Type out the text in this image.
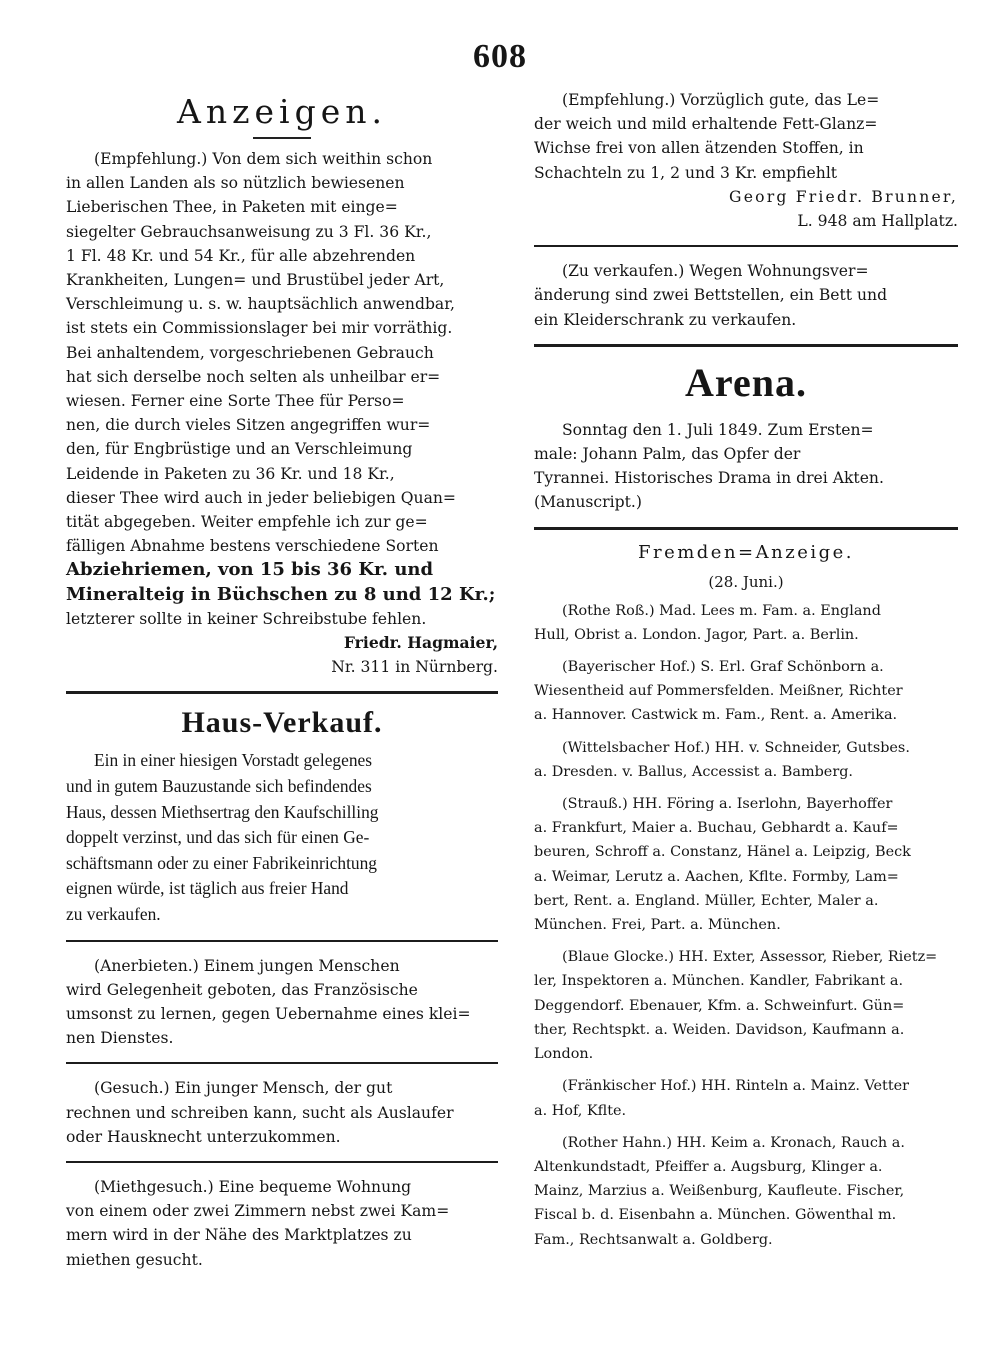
608
Anzeigen.

(Empfehlung.) Von dem sich weithin schon

in allen Landen als so nützlich bewiesenen

Lieberischen Thee, in Paketen mit einge=

siegelter Gebrauchsanweisung zu 3 Fl. 36 Kr.,

1 Fl. 48 Kr. und 54 Kr., für alle abzehrenden

Krankheiten, Lungen= und Brustübel jeder Art,

Verschleimung u. s. w. hauptsächlich anwendbar,

ist stets ein Commissionslager bei mir vorräthig.

Bei anhaltendem, vorgeschriebenen Gebrauch

hat sich derselbe noch selten als unheilbar er=

wiesen. Ferner eine Sorte Thee für Perso=

nen, die durch vieles Sitzen angegriffen wur=

den, für Engbrüstige und an Verschleimung

Leidende in Paketen zu 36 Kr. und 18 Kr.,

dieser Thee wird auch in jeder beliebigen Quan=

tität abgegeben. Weiter empfehle ich zur ge=

fälligen Abnahme bestens verschiedene Sorten

Abziehriemen, von 15 bis 36 Kr. und

Mineralteig in Büchschen zu 8 und 12 Kr.;

letzterer sollte in keiner Schreibstube fehlen.

Friedr. Hagmaier,

Nr. 311 in Nürnberg.

Haus-Verkauf.

Ein in einer hiesigen Vorstadt gelegenes

und in gutem Bauzustande sich befindendes

Haus, dessen Miethsertrag den Kaufschilling

doppelt verzinst, und das sich für einen Ge-

schäftsmann oder zu einer Fabrikeinrichtung

eignen würde, ist täglich aus freier Hand

zu verkaufen.

(Anerbieten.) Einem jungen Menschen

wird Gelegenheit geboten, das Französische

umsonst zu lernen, gegen Uebernahme eines klei=

nen Dienstes.

(Gesuch.) Ein junger Mensch, der gut

rechnen und schreiben kann, sucht als Auslaufer

oder Hausknecht unterzukommen.

(Miethgesuch.) Eine bequeme Wohnung

von einem oder zwei Zimmern nebst zwei Kam=

mern wird in der Nähe des Marktplatzes zu

miethen gesucht.

(Empfehlung.) Vorzüglich gute, das Le=

der weich und mild erhaltende Fett-Glanz=

Wichse frei von allen ätzenden Stoffen, in

Schachteln zu 1, 2 und 3 Kr. empfiehlt

Georg Friedr. Brunner,

L. 948 am Hallplatz.

(Zu verkaufen.) Wegen Wohnungsver=

änderung sind zwei Bettstellen, ein Bett und

ein Kleiderschrank zu verkaufen.

Arena.

Sonntag den 1. Juli 1849. Zum Ersten=

male: Johann Palm, das Opfer der

Tyrannei. Historisches Drama in drei Akten.

(Manuscript.)

Fremden=Anzeige.
(28. Juni.)

(Rothe Roß.) Mad. Lees m. Fam. a. England

Hull, Obrist a. London. Jagor, Part. a. Berlin.

(Bayerischer Hof.) S. Erl. Graf Schönborn a.

Wiesentheid auf Pommersfelden. Meißner, Richter

a. Hannover. Castwick m. Fam., Rent. a. Amerika.

(Wittelsbacher Hof.) HH. v. Schneider, Gutsbes.

a. Dresden. v. Ballus, Accessist a. Bamberg.

(Strauß.) HH. Föring a. Iserlohn, Bayerhoffer

a. Frankfurt, Maier a. Buchau, Gebhardt a. Kauf=

beuren, Schroff a. Constanz, Hänel a. Leipzig, Beck

a. Weimar, Lerutz a. Aachen, Kflte. Formby, Lam=

bert, Rent. a. England. Müller, Echter, Maler a.

München. Frei, Part. a. München.

(Blaue Glocke.) HH. Exter, Assessor, Rieber, Rietz=

ler, Inspektoren a. München. Kandler, Fabrikant a.

Deggendorf. Ebenauer, Kfm. a. Schweinfurt. Gün=

ther, Rechtspkt. a. Weiden. Davidson, Kaufmann a.

London.

(Fränkischer Hof.) HH. Rinteln a. Mainz. Vetter

a. Hof, Kflte.

(Rother Hahn.) HH. Keim a. Kronach, Rauch a.

Altenkundstadt, Pfeiffer a. Augsburg, Klinger a.

Mainz, Marzius a. Weißenburg, Kaufleute. Fischer,

Fiscal b. d. Eisenbahn a. München. Göwenthal m.

Fam., Rechtsanwalt a. Goldberg.
